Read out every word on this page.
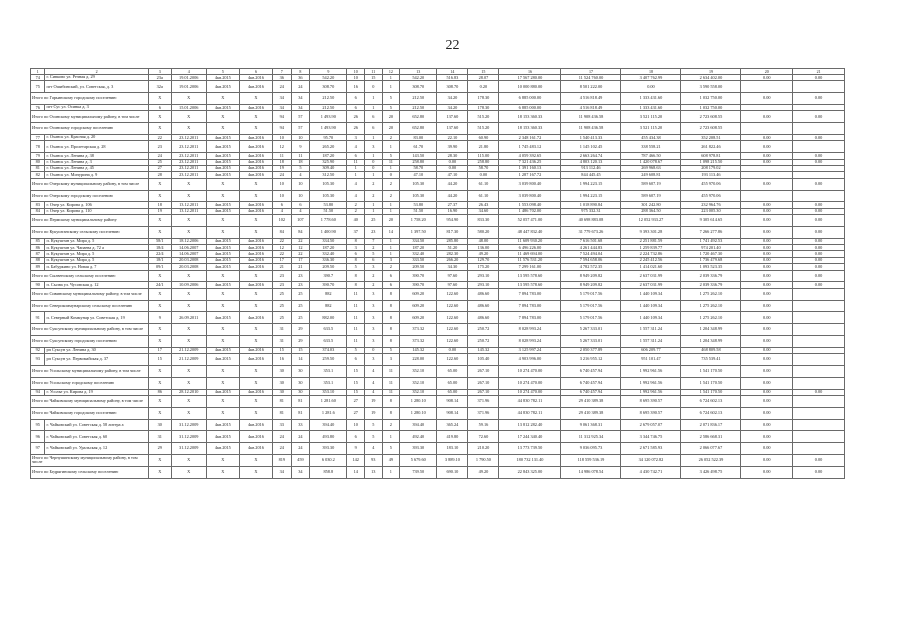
22
1	2	3	4	5	6	7	8	9	10	11	12	13	14	15	16	17	18	19	20	21
74	г. Сивково ул. Речная д. 29	23а	19.01.2006	4кв.2015	4кв.2016	36	36	542.20	10	15	1	542.20	516.83	28.07	17 567 280.00	11 524 760.00	3 407 762.99	2 634 402.00	0.00	0.00
75	пгт Ошибинский, ул. Советская, д. 3	32а	19.01.2006	4кв.2015	4кв.2016	24	24	308.70	16	0	1	308.70	308.70	0.20	10 000 880.00	8 501 222.00	0.00	3 590 558.00		
Итого по Гарьинскому городскому поселению		X	X	X	X	34	34	212.50	6	1	5	212.50	34.20	178.30	6 885 000.00	4 516 818.49	1 333 431.60	1 032 750.00	0.00	0.00
76	пгт Сус ул. Осинка д. 3	6	15.01.2006	4кв.2015	4кв.2016	34	34	212.50	6	1	5	212.50	34.20	178.30	6 885 000.00	4 516 818.49	1 333 431.60	1 032 750.00		
Итого по Осинскому муниципальному району, в том числе		X	X	X	X	94	57	1 493.90	26	6	20	652.80	137.60	515.20	18 153 360.33	11 908 436.58	3 521 115.20	2 723 608.55	0.00	0.00
Итого по Осинскому городскому поселению		X	X	X	X	94	57	1 493.90	26	6	20	652.80	137.60	515.20	18 153 360.33	11 908 436.58	3 521 115.20	2 723 608.55		
77	г. Оханск ул. Красная д. 20	22	23.12.2011	4кв.2015	4кв.2016	10	10	95.70	3	1	2	83.00	22.10	60.90	2 348 161.72	1 540 413.33	455 434.38	352 208.51	0.00	0.00
78	г. Оханск ул. Пролетарская д. 28	23	23.12.2011	4кв.2015	4кв.2016	12	9	265.20	4	3	1	61.70	39.90	21.80	1 745 483.12	1 145 102.45	338 558.21	261 822.46	0.00	
79	г. Оханск ул. Ленина д. 38	24	23.12.2011	4кв.2015	4кв.2016	11	11	187.20	6	1	5	143.50	28.30	115.00	4 059 392.65	2 663 264.74	787 466.50	608 978.81	0.00	0.00
80	г. Оханск ул. Ленина д. 3	25	23.12.2011	4кв.2015	4кв.2016	18	18	325.90	11	0	11	258.80	0.00	258.80	7 321 436.25	4 803 120.13	1 420 078.67	1 098 215.50	0.00	0.00
81	г. Оханск ул. Ленина д. 45	27	23.12.2011	4кв.2015	4кв.2016	19	5	309.40	1	0	1	58.70	0.00	58.70	1 391 160.13	913 112.46	269 968.63	208 179.02		
82	г. Оханск ул. Мичурина д. 9	28	23.12.2011	4кв.2015	4кв.2016	24	4	312.50	1	1	0	47.10	47.10	0.00	1 287 167.72	844 445.45	249 608.81	193 113.46		
Итого по Очерскому муниципальному району, в том числе		X	X	X	X	10	10	105.30	4	2	2	105.30	44.20	61.10	3 039 800.40	1 994 223.15	589 607.19	455 970.06	0.00	0.00
Итого по Очерскому городскому поселению		X	X	X	X	10	10	105.30	4	2	2	105.30	44.20	61.10	3 039 800.40	1 994 223.15	589 607.19	455 970.06		
83	г. Очер ул. Кирова д. 106	18	13.12.2011	4кв.2015	4кв.2016	6	6	53.80	2	1	1	53.80	27.37	26.43	1 553 098.40	1 018 890.84	301 242.80	232 964.76	0.00	0.00
84	г. Очер ул. Кирова д. 110	19	13.12.2011	4кв.2015	4кв.2016	4	4	51.50	2	1	1	51.50	16.90	34.60	1 486 702.00	975 332.31	288 364.50	223 005.30	0.00	0.00
Итого по Пермскому муниципальному району		X	X	X	X	102	107	1 778.60	40	25	20	1 758.20	954.90	833.30	52 057 471.00	40 698 883.08	12 052 933.27	9 305 614.65	0.00	0.00
Итого по Кукуштанскому сельскому поселению		X	X	X	X	84	84	1 400.90	37	23	14	1 397.50	817.30	580.20	48 447 832.40	31 779 673.26	9 393 301.28	7 266 277.86	0.00	0.00
85	п. Кукуштан ул. Мира д. 5	58/1	18.12.2006	4кв.2015	4кв.2016	22	22	334.50	8	7	1	334.50	285.80	48.00	11 609 930.20	7 616 501.68	2 251 881.59	1 741 492.53	0.00	0.00
86	п. Кукуштан ул. Чапаева д. 72 а	18/4	14.06.2007	4кв.2015	4кв.2016	12	12	187.20	3	2	1	187.20	51.20	136.00	6 496 226.00	4 261 444.83	1 259 839.77	974 201.40	0.00	0.00
87	п. Кукуштан ул. Мира д. 5	22/4	14.06.2007	4кв.2015	4кв.2016	22	22	332.40	6	5	1	332.40	282.30	49.20	11 469 694.00	7 524 494.04	2 224 732.86	1 720 467.30	0.00	0.00
88	п. Кукуштан ул. Мира д. 5	18/1	20.03.2008	4кв.2015	4кв.2016	17	17	336.30	8	6	3	333.50	266.20	129.70	11 576 531.20	7 594 658.06	2 245 412.56	1 736 479.68	0.00	0.00
89	п. Бабуркино ул. Новая д. 7	09/1	20.03.2008	4кв.2015	4кв.2016	21	21	209.50	5	3	2	209.50	34.30	175.20	7 299 161.00	4 782 572.35	1 414 021.60	1 093 523.35	0.00	0.00
Итого по Сылвенскому сельскому поселению		X	X	X	X	23	23	390.7	8	2	6	390.70	97.60	293.10	13 595 578.60	8 949 209.82	2 637 031.99	2 039 336.79	0.00	0.00
90	п. Сылва ул. Чусовская д. 12	24/1	10.09.2006	4кв.2015	4кв.2016	23	23	390.70	8	2	6	390.70	97.60	293.10	13 595 578.60	8 949 209.82	2 637 031.99	2 039 336.79	0.00	0.00
Итого по Сивинскому муниципальному району, в том числе		X	X	X	X	25	25	882	11	3	8	609.20	122.60	486.60	7 894 783.00	5 179 017.56	1 440 109.34	1 275 262.10	0.00	
Итого по Северокоммунарскому сельскому поселению		X	X	X	X	25	25	882	11	3	8	609.20	122.60	486.60	7 894 783.00	5 179 017.56	1 440 109.34	1 275 262.10	0.00	
91	п. Северный Коммунар ул. Советская д. 19	9	26.09.2011	4кв.2015	4кв.2016	25	25	882.00	11	3	8	609.20	122.60	486.60	7 894 783.00	5 179 017.56	1 440 109.34	1 275 262.10	0.00	
Итого по Суксунскому муниципальному району, в том числе		X	X	X	X	31	29	633.5	11	3	8	373.32	122.60	250.72	8 028 993.24	5 267 333.01	1 557 311.24	1 204 348.99	0.00	
Итого по Суксунскому городскому поселению		X	X	X	X	31	29	633.5	11	3	8	373.32	122.60	250.72	8 028 993.24	5 267 333.01	1 557 311.24	1 204 348.99	0.00	
92	рп Суксун ул. Ленина д. 30	17	21.12.2009	4кв.2015	4кв.2016	15	15	374.03	5	0	5	145.32	0.00	145.32	3 125 997.24	2 050 377.89	606 209.77	468 809.58	0.00	
93	рп Суксун ул. Первомайская д. 37	15	21.12.2009	4кв.2015	4кв.2016	16	14	259.50	6	3	3	228.00	122.60	105.40	4 903 996.00	3 216 955.12	951 101.47	735 539.41	0.00	
Итого по Усольскому муниципальному району, в том числе		X	X	X	X	30	30	353.1	15	4	11	352.10	65.00	267.10	10 274 470.00	6 740 457.94	1 992 961.56	1 541 170.50	0.00	
Итого по Усольскому городскому поселению		X	X	X	X	30	30	353.1	15	4	11	352.10	65.00	267.10	10 274 470.00	6 740 457.94	1 992 961.56	1 541 170.50	0.00	
94	г. Усолье ул. Кирова д. 19	86	28.12.2010	4кв.2015	4кв.2016	30	30	353.10	15	4	11	352.10	65.00	267.10	10 274 470.00	6 740 457.94	1 992 961.56	1 541 170.50	0.00	0.00
Итого по Чайковскому муниципальному району, в том числе		X	X	X	X	81	81	1 281.60	27	19	8	1 280.10	908.14	371.96	44 830 782.11	29 410 389.38	8 695 390.57	6 724 602.13	0.00	
Итого по Чайковскому городскому поселению		X	X	X	X	81	81	1 281.6	27	19	8	1 280.10	908.14	371.96	44 830 782.11	29 410 389.38	8 695 390.57	6 724 602.13	0.00	
95	г. Чайковский ул. Советская д. 58 литера а	30	31.12.2009	4кв.2015	4кв.2016	33	33	394.40	10	5	2	394.40	365.24	59.16	13 812 282.40	9 061 368.31	2 679 057.07	2 071 836.17	0.00	
96	г. Чайковский ул. Советская д. 60	31	31.12.2009	4кв.2015	4кв.2016	24	24	493.80	6	5	1	492.40	419.80	72.60	17 244 340.40	11 312 925.34	3 344 746.75	2 586 668.31	0.00	
97	г. Чайковский ул. Уральская д. 12	29	31.12.2009	4кв.2015	4кв.2016	24	24	393.30	9	4	5	393.30	183.10	210.20	13 773 739.50	9 036 095.73	2 671 585.93	2 066 077.67	0.00	
Итого по Чернушинскому муниципальному району, в том числе		X	X	X	X	819	459	6 030.2	142	93	49	5 679.60	3 889.10	1 790.50	180 732 131.40	118 559 536.19	34 120 072.82	26 052 522.39	0.00	0.00
Итого по Бедрягинскому сельскому поселению		X	X	X	X	34	34	858.8	14	13	1	739.50	690.10	49.20	22 843 325.00	14 986 078.54	4 430 742.71	3 426 498.75	0.00	0.00
